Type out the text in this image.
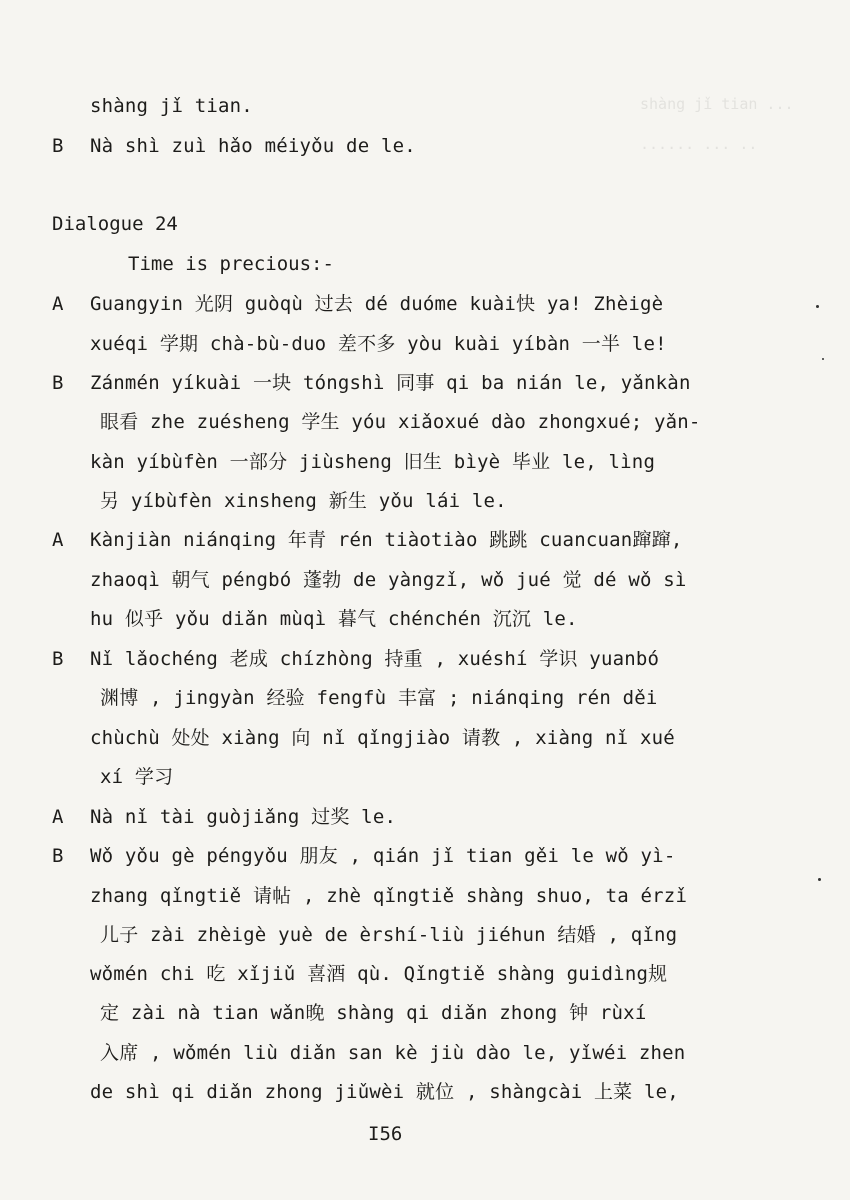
shàng jǐ tian ...
...... ... ..
shàng jǐ tian.
B Nà shì zuì hǎo méiyǒu de le.
Dialogue 24
Time is precious:-
A Guangyin 光阴 guòqù 过去 dé duóme kuài快 ya! Zhèigè
xuéqi 学期 chà-bù-duo 差不多 yòu kuài yíbàn 一半 le!
B Zánmén yíkuài 一块 tóngshì 同事 qi ba nián le, yǎnkàn
眼看 zhe zuésheng 学生 yóu xiǎoxué dào zhongxué; yǎn-
kàn yíbùfèn 一部分 jiùsheng 旧生 bìyè 毕业 le, lìng
另 yíbùfèn xinsheng 新生 yǒu lái le.
A Kànjiàn niánqing 年青 rén tiàotiào 跳跳 cuancuan蹿蹿,
zhaoqì 朝气 péngbó 蓬勃 de yàngzǐ, wǒ jué 觉 dé wǒ sì
hu 似乎 yǒu diǎn mùqì 暮气 chénchén 沉沉 le.
B Nǐ lǎochéng 老成 chízhòng 持重 , xuéshí 学识 yuanbó
渊博 , jingyàn 经验 fengfù 丰富 ; niánqing rén děi
chùchù 处处 xiàng 向 nǐ qǐngjiào 请教 , xiàng nǐ xué
xí 学习
A Nà nǐ tài guòjiǎng 过奖 le.
B Wǒ yǒu gè péngyǒu 朋友 , qián jǐ tian gěi le wǒ yì-
zhang qǐngtiě 请帖 , zhè qǐngtiě shàng shuo, ta érzǐ
儿子 zài zhèigè yuè de èrshí-liù jiéhun 结婚 , qǐng
wǒmén chi 吃 xǐjiǔ 喜酒 qù. Qǐngtiě shàng guidìng规
定 zài nà tian wǎn晚 shàng qi diǎn zhong 钟 rùxí
入席 , wǒmén liù diǎn san kè jiù dào le, yǐwéi zhen
de shì qi diǎn zhong jiǔwèi 就位 , shàngcài 上菜 le,
I56
